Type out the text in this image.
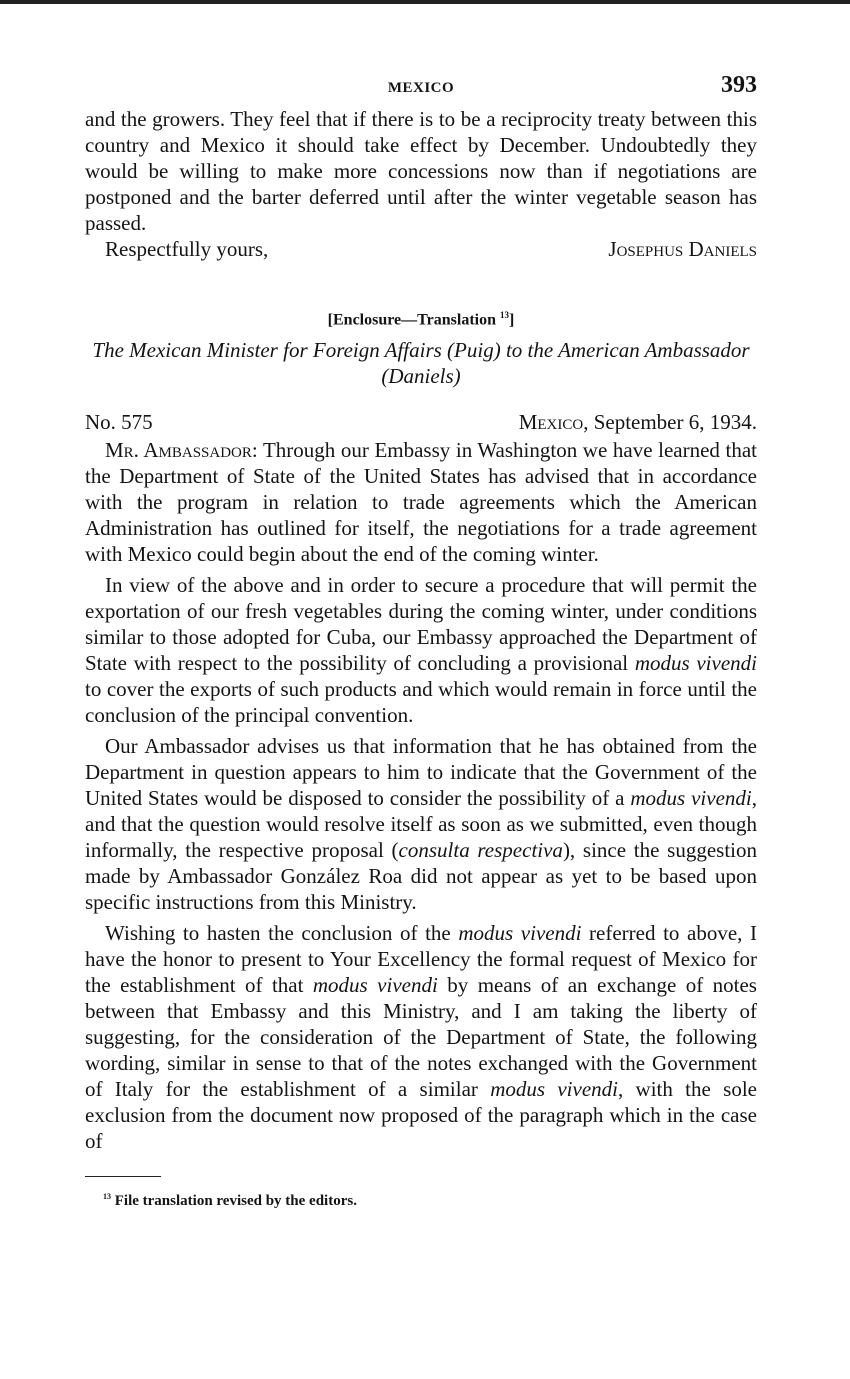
MEXICO	393

and the growers. They feel that if there is to be a reciprocity treaty between this country and Mexico it should take effect by December. Undoubtedly they would be willing to make more concessions now than if negotiations are postponed and the barter deferred until after the winter vegetable season has passed.

Respectfully yours,	Josephus Daniels
[Enclosure—Translation $^{13}$]
The Mexican Minister for Foreign Affairs (Puig) to the American Ambassador (Daniels)
No. 575	Mexico, September 6, 1934.

Mr. Ambassador: Through our Embassy in Washington we have learned that the Department of State of the United States has advised that in accordance with the program in relation to trade agreements which the American Administration has outlined for itself, the negotiations for a trade agreement with Mexico could begin about the end of the coming winter.

In view of the above and in order to secure a procedure that will permit the exportation of our fresh vegetables during the coming winter, under conditions similar to those adopted for Cuba, our Embassy approached the Department of State with respect to the possibility of concluding a provisional modus vivendi to cover the exports of such products and which would remain in force until the conclusion of the principal convention.

Our Ambassador advises us that information that he has obtained from the Department in question appears to him to indicate that the Government of the United States would be disposed to consider the possibility of a modus vivendi, and that the question would resolve itself as soon as we submitted, even though informally, the respective proposal (consulta respectiva), since the suggestion made by Ambassador González Roa did not appear as yet to be based upon specific instructions from this Ministry.

Wishing to hasten the conclusion of the modus vivendi referred to above, I have the honor to present to Your Excellency the formal request of Mexico for the establishment of that modus vivendi by means of an exchange of notes between that Embassy and this Ministry, and I am taking the liberty of suggesting, for the consideration of the Department of State, the following wording, similar in sense to that of the notes exchanged with the Government of Italy for the establishment of a similar modus vivendi, with the sole exclusion from the document now proposed of the paragraph which in the case of

$^{13}$ File translation revised by the editors.
